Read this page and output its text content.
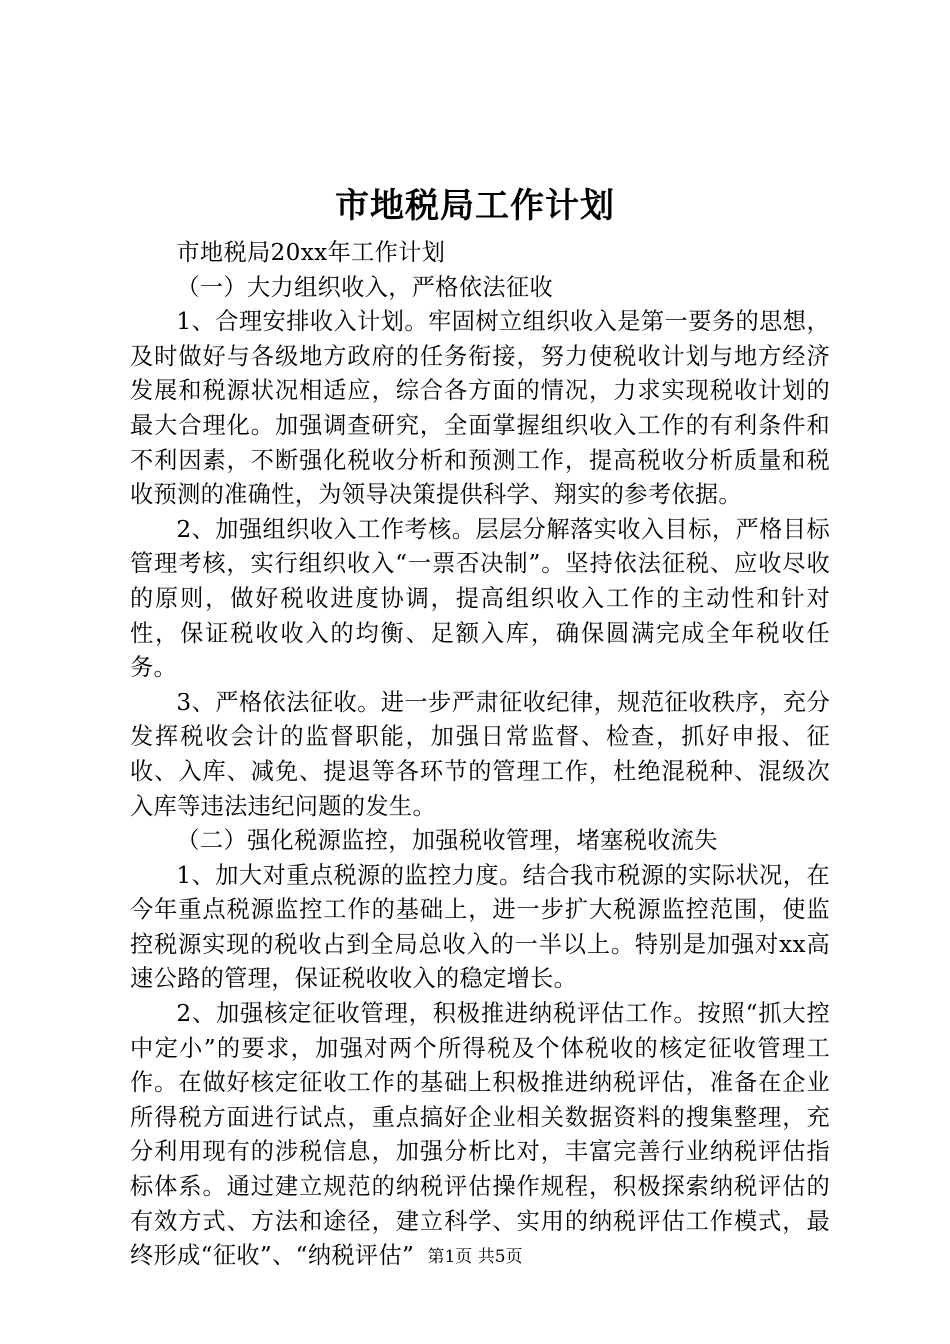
市地税局工作计划

市地税局20xx年工作计划

（一）大力组织收入，严格依法征收

1、合理安排收入计划。牢固树立组织收入是第一要务的思想，及时做好与各级地方政府的任务衔接，努力使税收计划与地方经济发展和税源状况相适应，综合各方面的情况，力求实现税收计划的最大合理化。加强调查研究，全面掌握组织收入工作的有利条件和不利因素，不断强化税收分析和预测工作，提高税收分析质量和税收预测的准确性，为领导决策提供科学、翔实的参考依据。

2、加强组织收入工作考核。层层分解落实收入目标，严格目标管理考核，实行组织收入“一票否决制”。坚持依法征税、应收尽收的原则，做好税收进度协调，提高组织收入工作的主动性和针对性，保证税收收入的均衡、足额入库，确保圆满完成全年税收任务。

3、严格依法征收。进一步严肃征收纪律，规范征收秩序，充分发挥税收会计的监督职能，加强日常监督、检查，抓好申报、征收、入库、减免、提退等各环节的管理工作，杜绝混税种、混级次入库等违法违纪问题的发生。

（二）强化税源监控，加强税收管理，堵塞税收流失

1、加大对重点税源的监控力度。结合我市税源的实际状况，在今年重点税源监控工作的基础上，进一步扩大税源监控范围，使监控税源实现的税收占到全局总收入的一半以上。特别是加强对xx高速公路的管理，保证税收收入的稳定增长。

2、加强核定征收管理，积极推进纳税评估工作。按照“抓大控中定小”的要求，加强对两个所得税及个体税收的核定征收管理工作。在做好核定征收工作的基础上积极推进纳税评估，准备在企业所得税方面进行试点，重点搞好企业相关数据资料的搜集整理，充分利用现有的涉税信息，加强分析比对，丰富完善行业纳税评估指标体系。通过建立规范的纳税评估操作规程，积极探索纳税评估的有效方式、方法和途径，建立科学、实用的纳税评估工作模式，最终形成“征收”、“纳税评估” 第1页 共5页
